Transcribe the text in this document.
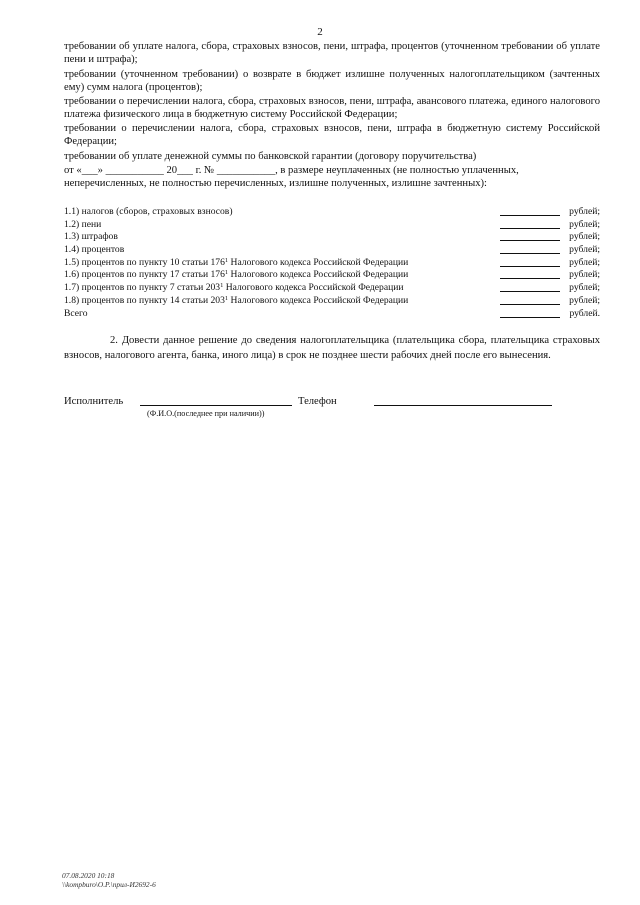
2
требовании об уплате налога, сбора, страховых взносов, пени, штрафа, процентов (уточненном требовании об уплате пени и штрафа);
требовании (уточненном требовании) о возврате в бюджет излишне полученных налогоплательщиком (зачтенных ему) сумм налога (процентов);
требовании о перечислении налога, сбора, страховых взносов, пени, штрафа, авансового платежа, единого налогового платежа физического лица в бюджетную систему Российской Федерации;
требовании о перечислении налога, сбора, страховых взносов, пени, штрафа в бюджетную систему Российской Федерации;
требовании об уплате денежной суммы по банковской гарантии (договору поручительства)
от «___» ___________ 20___ г. № ___________, в размере неуплаченных (не полностью уплаченных,
неперечисленных, не полностью перечисленных, излишне полученных, излишне зачтенных):
1.1) налогов (сборов, страховых взносов)	рублей;
1.2) пени	рублей;
1.3) штрафов	рублей;
1.4) процентов	рублей;
1.5) процентов по пункту 10 статьи $176^1$ Налогового кодекса Российской Федерации	рублей;
1.6) процентов по пункту 17 статьи $176^1$ Налогового кодекса Российской Федерации	рублей;
1.7) процентов по пункту 7 статьи $203^1$ Налогового кодекса Российской Федерации	рублей;
1.8) процентов по пункту 14 статьи $203^1$ Налогового кодекса Российской Федерации	рублей;
Всего	рублей.
2. Довести данное решение до сведения налогоплательщика (плательщика сбора, плательщика страховых взносов, налогового агента, банка, иного лица) в срок не позднее шести рабочих дней после его вынесения.
Исполнитель	Телефон
(Ф.И.О.(последнее при наличии))
07.08.2020 10:18
\\kompburo\О.Р.\прил-И2692-6
